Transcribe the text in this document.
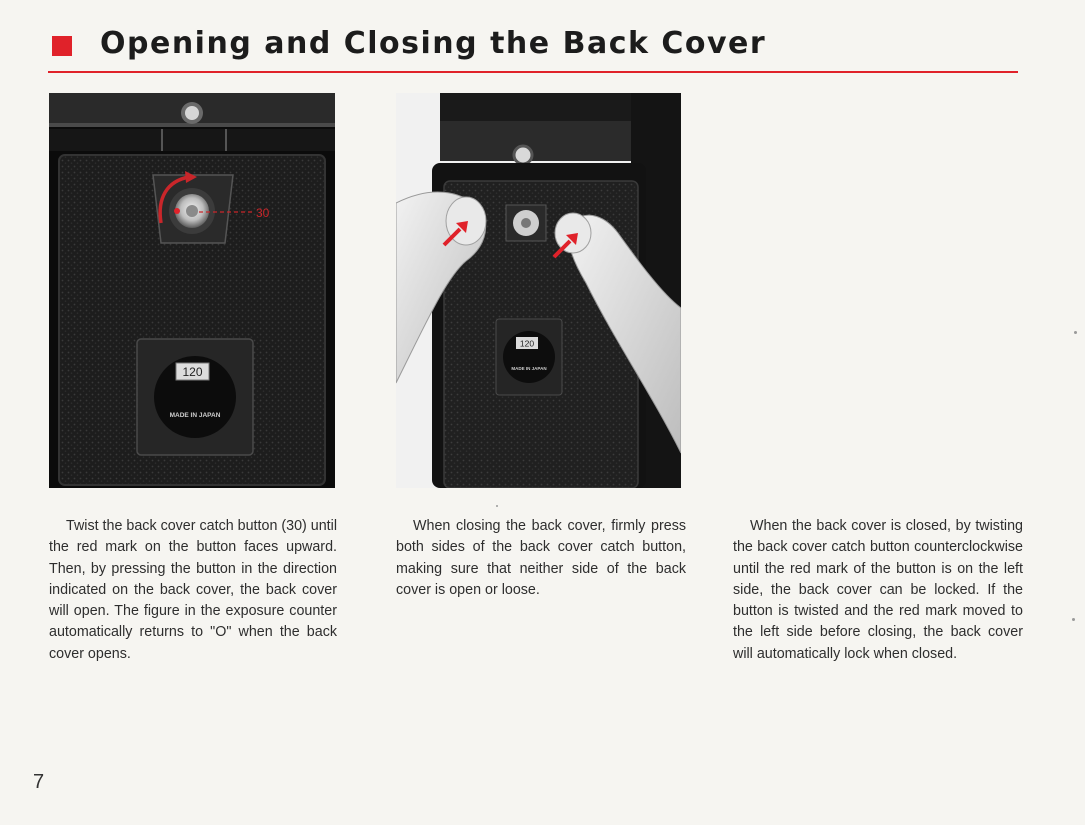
Opening and Closing the Back Cover
30
120
MADE IN JAPAN
120
MADE IN JAPAN

Twist the back cover catch button (30) until the red mark on the button faces upward. Then, by pressing the button in the direction indicated on the back cover, the back cover will open. The figure in the exposure counter automatically returns to "O" when the back cover opens.

When closing the back cover, firmly press both sides of the back cover catch button, making sure that neither side of the back cover is open or loose.

When the back cover is closed, by twisting the back cover catch button counterclockwise until the red mark of the button is on the left side, the back cover can be locked. If the button is twisted and the red mark moved to the left side before closing, the back cover will automatically lock when closed.

7
